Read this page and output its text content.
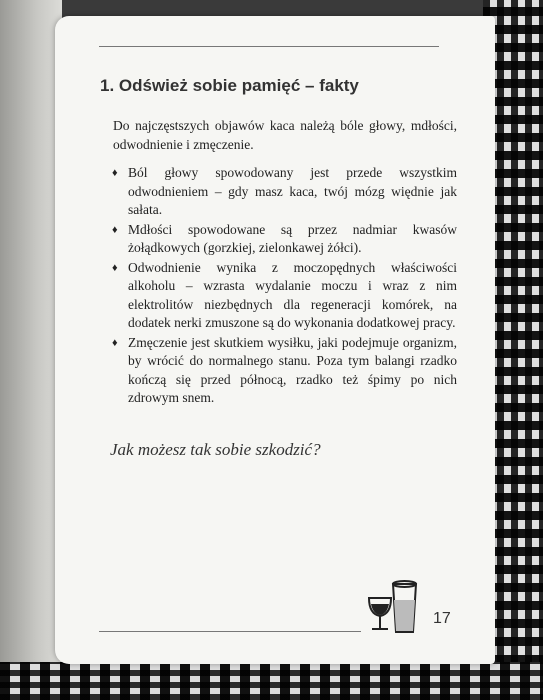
1. Odśwież sobie pamięć – fakty

Do najczęstszych objawów kaca należą bóle głowy, mdłości, odwodnienie i zmęczenie.

♦ Ból głowy spowodowany jest przede wszystkim odwodnieniem – gdy masz kaca, twój mózg więdnie jak sałata.
♦ Mdłości spowodowane są przez nadmiar kwasów żołądkowych (gorzkiej, zielonkawej żółci).
♦ Odwodnienie wynika z moczopędnych właściwości alkoholu – wzrasta wydalanie moczu i wraz z nim elektrolitów niezbędnych dla regeneracji komórek, na dodatek nerki zmuszone są do wykonania dodatkowej pracy.
♦ Zmęczenie jest skutkiem wysiłku, jaki podejmuje organizm, by wrócić do normalnego stanu. Poza tym balangi rzadko kończą się przed północą, rzadko też śpimy po nich zdrowym snem.

Jak możesz tak sobie szkodzić?

17
